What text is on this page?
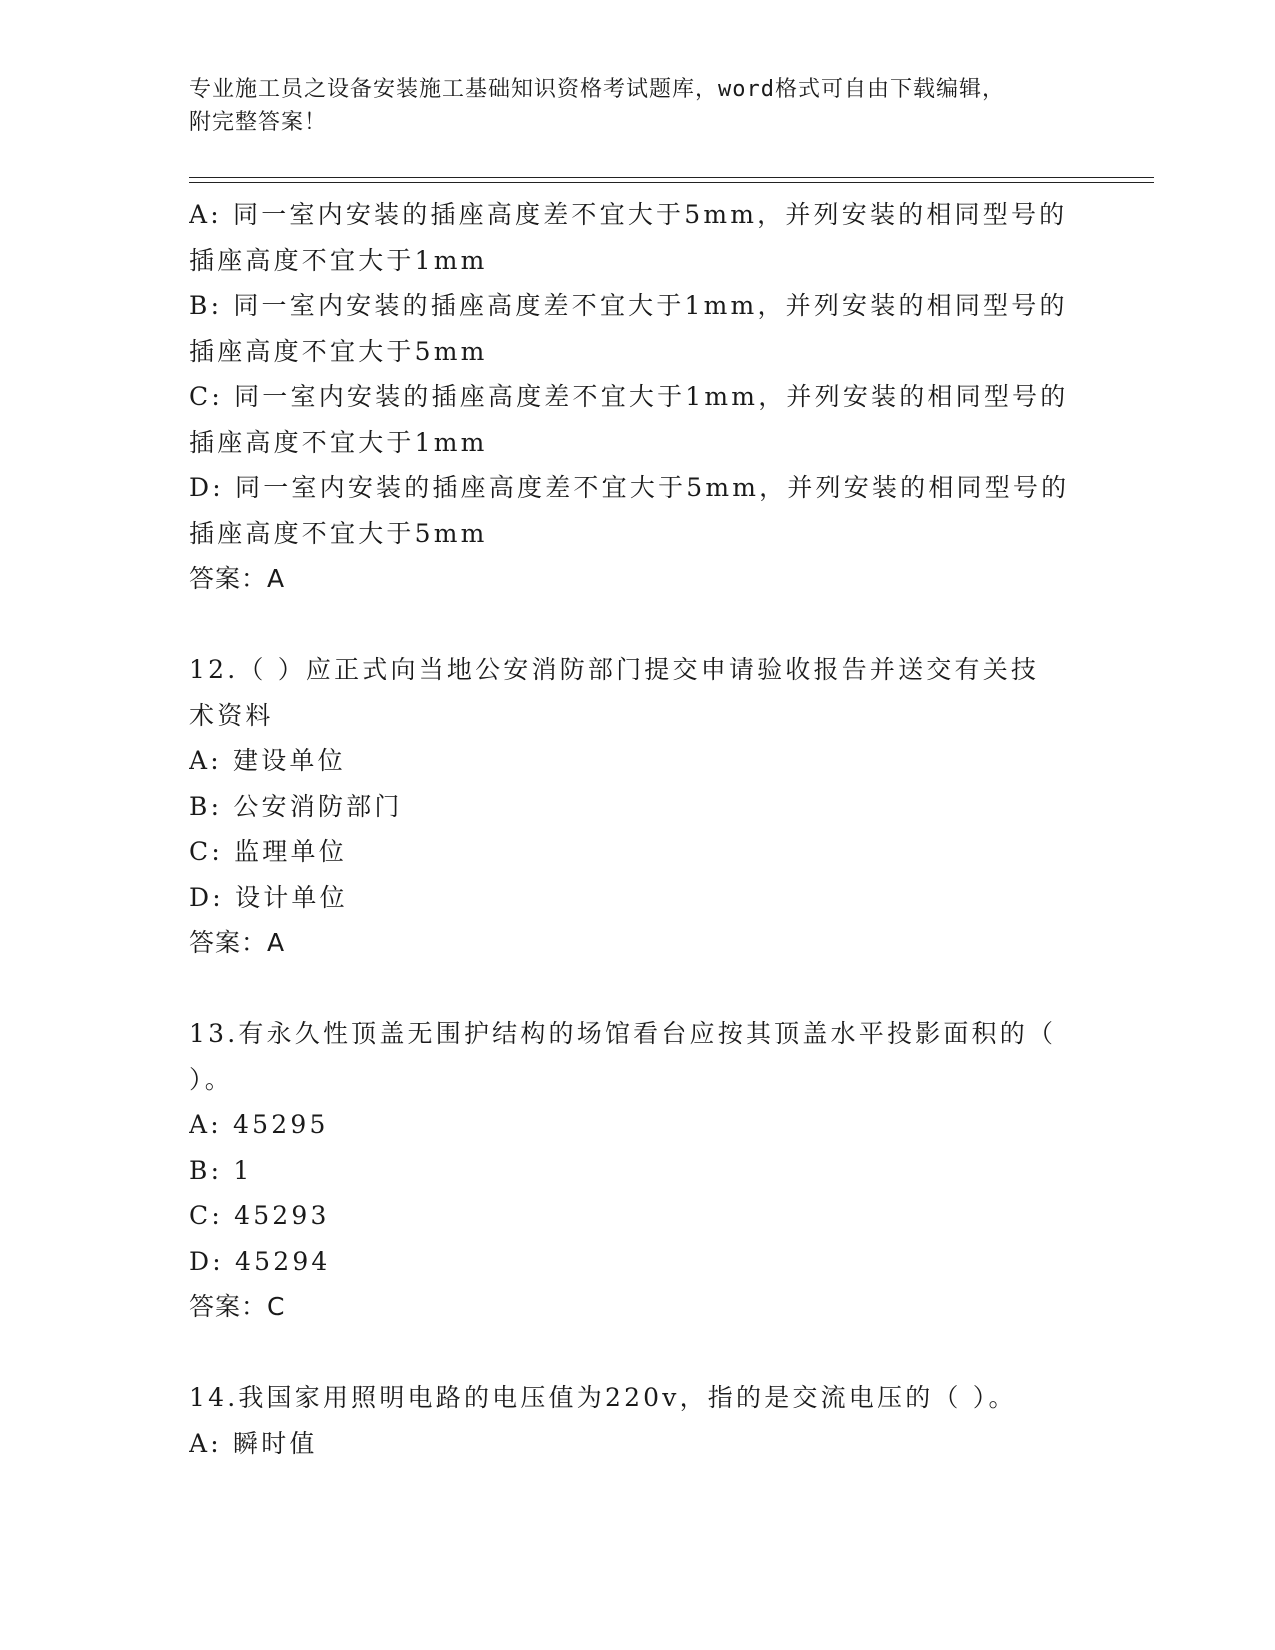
专业施工员之设备安装施工基础知识资格考试题库，word格式可自由下载编辑，
附完整答案！
A: 同一室内安装的插座高度差不宜大于5mm，并列安装的相同型号的
插座高度不宜大于1mm
B: 同一室内安装的插座高度差不宜大于1mm，并列安装的相同型号的
插座高度不宜大于5mm
C: 同一室内安装的插座高度差不宜大于1mm，并列安装的相同型号的
插座高度不宜大于1mm
D: 同一室内安装的插座高度差不宜大于5mm，并列安装的相同型号的
插座高度不宜大于5mm
答案：A
12.（ ）应正式向当地公安消防部门提交申请验收报告并送交有关技
术资料
A: 建设单位
B: 公安消防部门
C: 监理单位
D: 设计单位
答案：A
13.有永久性顶盖无围护结构的场馆看台应按其顶盖水平投影面积的（
）。
A: 45295
B: 1
C: 45293
D: 45294
答案：C
14.我国家用照明电路的电压值为220v，指的是交流电压的（ ）。
A: 瞬时值
